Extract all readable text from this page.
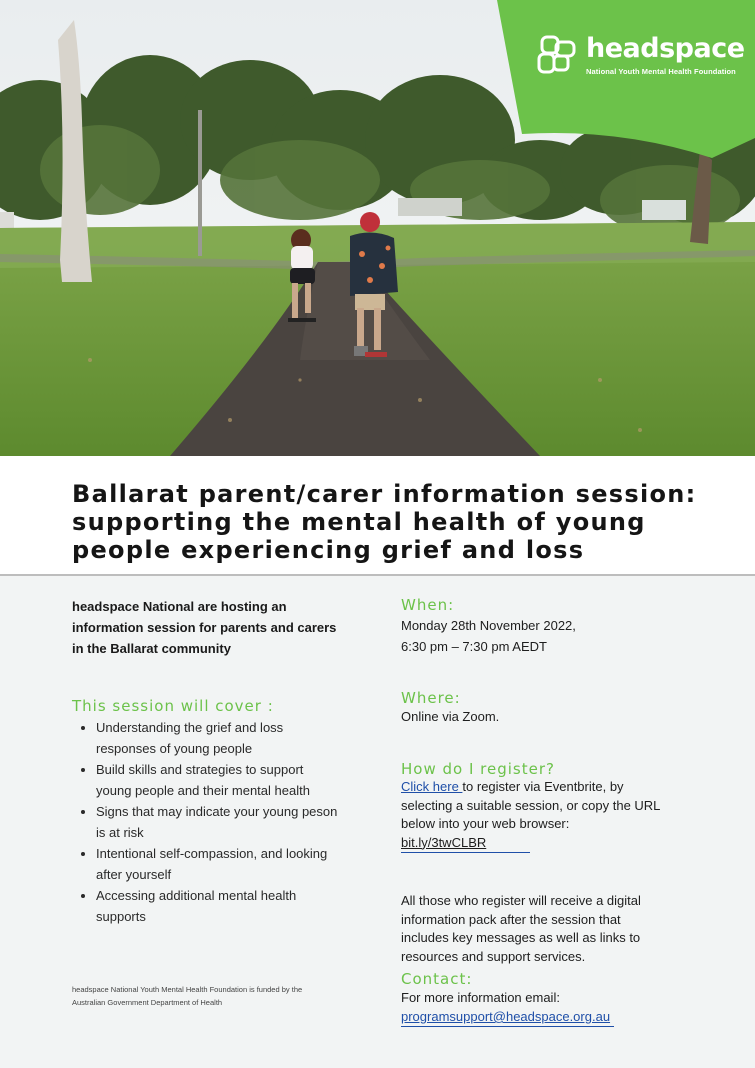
headspace
National Youth Mental Health Foundation
Ballarat parent/carer information session: supporting the mental health of young people experiencing grief and loss

headspace National are hosting an information session for parents and carers in the Ballarat community

This session will cover :
• Understanding the grief and loss responses of young people
• Build skills and strategies to support young people and their mental health
• Signs that may indicate your young peson is at risk
• Intentional self-compassion, and looking after yourself
• Accessing additional mental health supports

headspace National Youth Mental Health Foundation is funded by the Australian Government Department of Health

When:

Monday 28th November 2022,
6:30 pm – 7:30 pm AEDT

Where:

Online via Zoom.

How do I register?

Click here to register via Eventbrite, by selecting a suitable session, or copy the URL below into your web browser: bit.ly/3twCLBR

All those who register will receive a digital information pack after the session that includes key messages as well as links to resources and support services.

Contact:

For more information email:
programsupport@headspace.org.au
